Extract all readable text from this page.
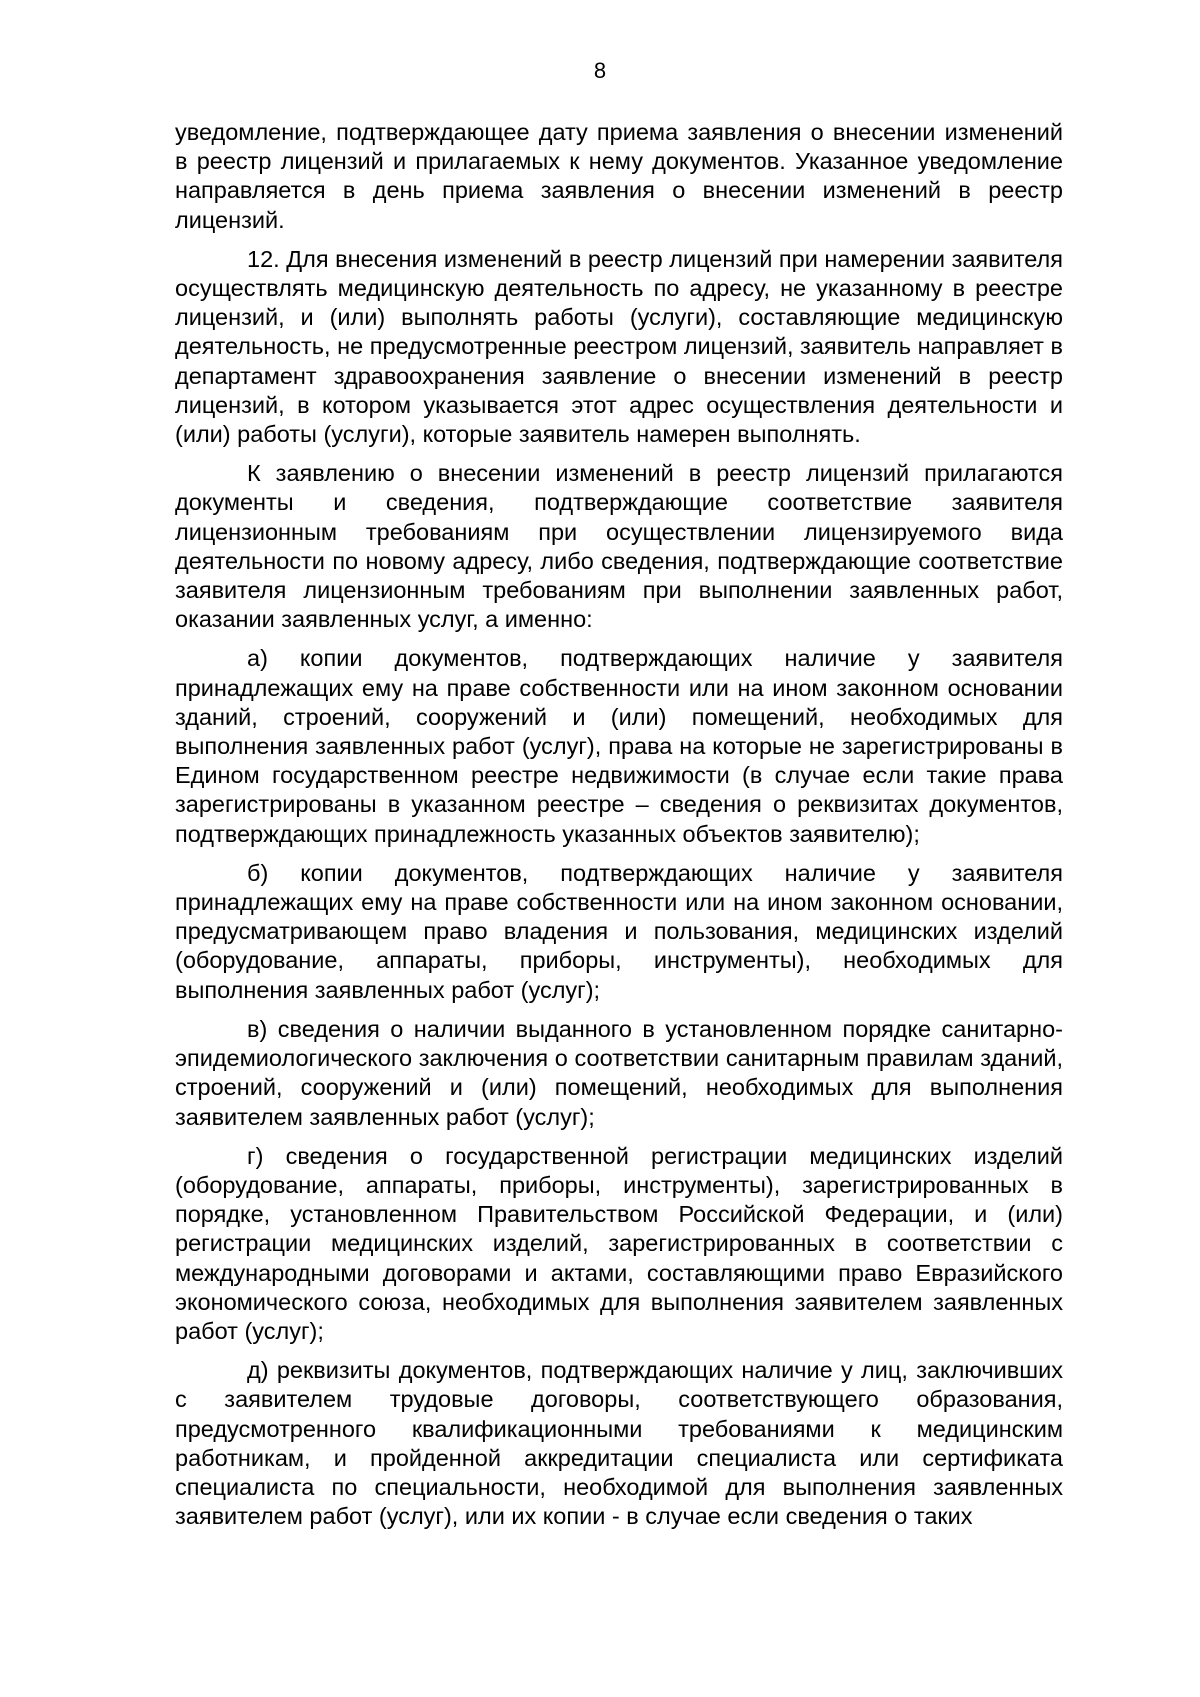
8

уведомление, подтверждающее дату приема заявления о внесении изменений в реестр лицензий и прилагаемых к нему документов. Указанное уведомление направляется в день приема заявления о внесении изменений в реестр лицензий.

12. Для внесения изменений в реестр лицензий при намерении заявителя осуществлять медицинскую деятельность по адресу, не указанному в реестре лицензий, и (или) выполнять работы (услуги), составляющие медицинскую деятельность, не предусмотренные реестром лицензий, заявитель направляет в департамент здравоохранения заявление о внесении изменений в реестр лицензий, в котором указывается этот адрес осуществления деятельности и (или) работы (услуги), которые заявитель намерен выполнять.

К заявлению о внесении изменений в реестр лицензий прилагаются документы и сведения, подтверждающие соответствие заявителя лицензионным требованиям при осуществлении лицензируемого вида деятельности по новому адресу, либо сведения, подтверждающие соответствие заявителя лицензионным требованиям при выполнении заявленных работ, оказании заявленных услуг, а именно:

а) копии документов, подтверждающих наличие у заявителя принадлежащих ему на праве собственности или на ином законном основании зданий, строений, сооружений и (или) помещений, необходимых для выполнения заявленных работ (услуг), права на которые не зарегистрированы в Едином государственном реестре недвижимости (в случае если такие права зарегистрированы в указанном реестре – сведения о реквизитах документов, подтверждающих принадлежность указанных объектов заявителю);

б) копии документов, подтверждающих наличие у заявителя принадлежащих ему на праве собственности или на ином законном основании, предусматривающем право владения и пользования, медицинских изделий (оборудование, аппараты, приборы, инструменты), необходимых для выполнения заявленных работ (услуг);

в) сведения о наличии выданного в установленном порядке санитарно-эпидемиологического заключения о соответствии санитарным правилам зданий, строений, сооружений и (или) помещений, необходимых для выполнения заявителем заявленных работ (услуг);

г) сведения о государственной регистрации медицинских изделий (оборудование, аппараты, приборы, инструменты), зарегистрированных в порядке, установленном Правительством Российской Федерации, и (или) регистрации медицинских изделий, зарегистрированных в соответствии с международными договорами и актами, составляющими право Евразийского экономического союза, необходимых для выполнения заявителем заявленных работ (услуг);

д) реквизиты документов, подтверждающих наличие у лиц, заключивших с заявителем трудовые договоры, соответствующего образования, предусмотренного квалификационными требованиями к медицинским работникам, и пройденной аккредитации специалиста или сертификата специалиста по специальности, необходимой для выполнения заявленных заявителем работ (услуг), или их копии - в случае если сведения о таких
